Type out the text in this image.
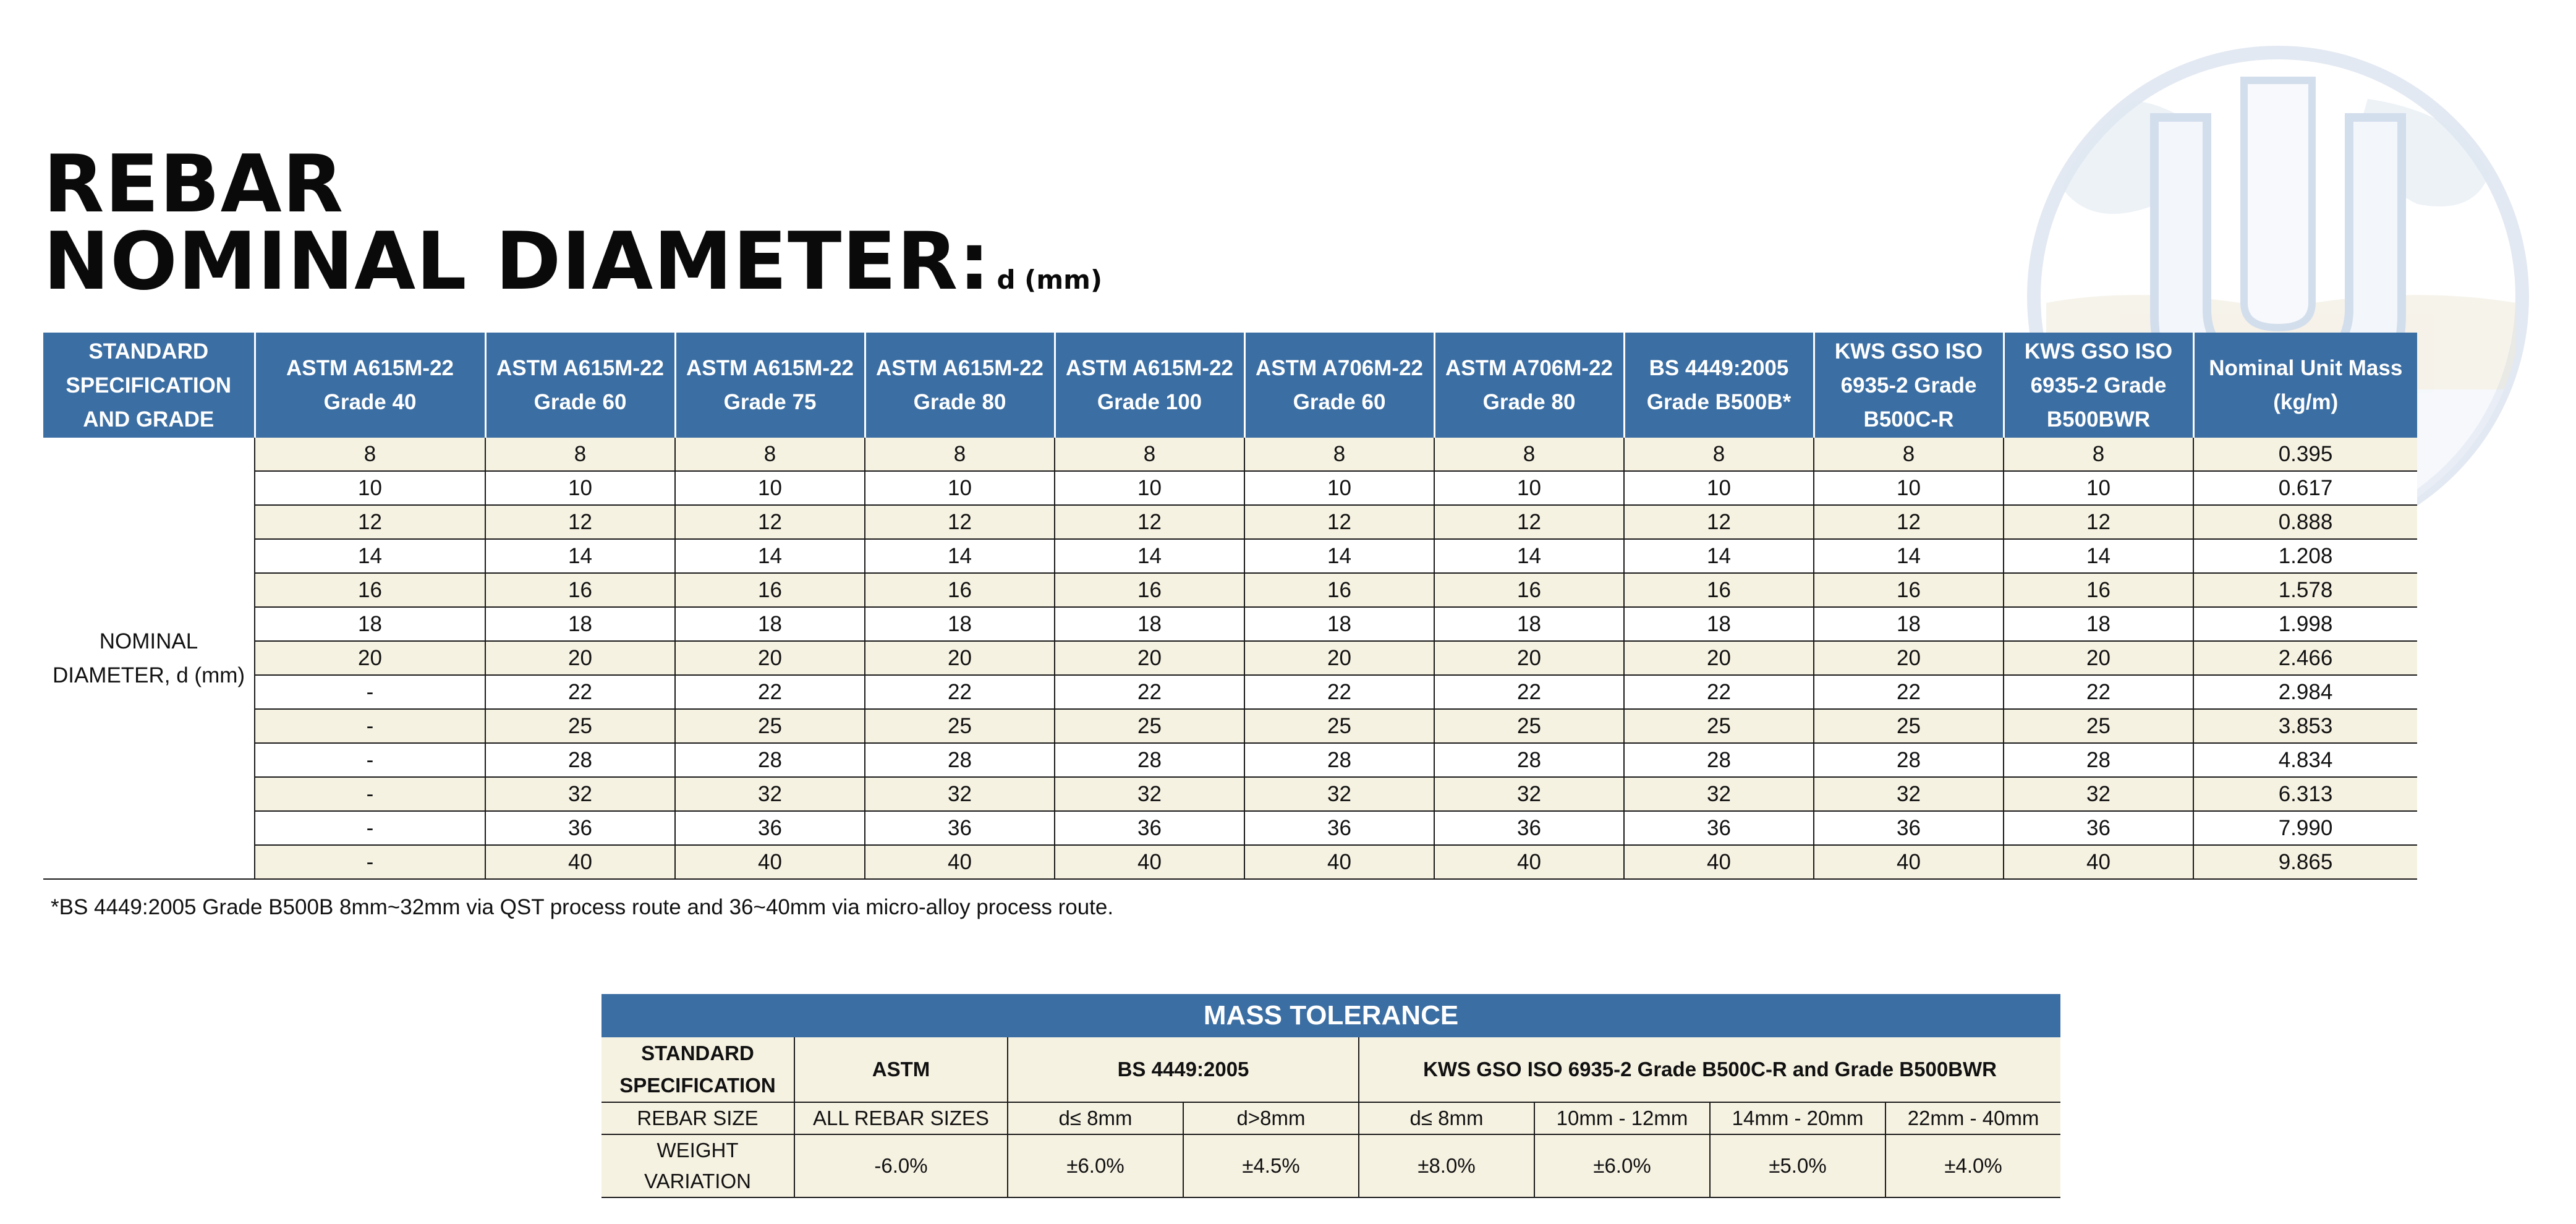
REBAR
NOMINAL DIAMETER: d (mm)
STANDARD SPECIFICATION AND GRADE	ASTM A615M-22 Grade 40	ASTM A615M-22 Grade 60	ASTM A615M-22 Grade 75	ASTM A615M-22 Grade 80	ASTM A615M-22 Grade 100	ASTM A706M-22 Grade 60	ASTM A706M-22 Grade 80	BS 4449:2005 Grade B500B*	KWS GSO ISO 6935-2 Grade B500C-R	KWS GSO ISO 6935-2 Grade B500BWR	Nominal Unit Mass (kg/m)
NOMINAL DIAMETER, d (mm)	8	8	8	8	8	8	8	8	8	8	0.395
	10	10	10	10	10	10	10	10	10	10	0.617
	12	12	12	12	12	12	12	12	12	12	0.888
	14	14	14	14	14	14	14	14	14	14	1.208
	16	16	16	16	16	16	16	16	16	16	1.578
	18	18	18	18	18	18	18	18	18	18	1.998
	20	20	20	20	20	20	20	20	20	20	2.466
	-	22	22	22	22	22	22	22	22	22	2.984
	-	25	25	25	25	25	25	25	25	25	3.853
	-	28	28	28	28	28	28	28	28	28	4.834
	-	32	32	32	32	32	32	32	32	32	6.313
	-	36	36	36	36	36	36	36	36	36	7.990
	-	40	40	40	40	40	40	40	40	40	9.865

*BS 4449:2005 Grade B500B 8mm~32mm via QST process route and 36~40mm via micro-alloy process route.

MASS TOLERANCE							
STANDARD SPECIFICATION	ASTM	BS 4449:2005		KWS GSO ISO 6935-2 Grade B500C-R and Grade B500BWR			
REBAR SIZE	ALL REBAR SIZES	d≤ 8mm	d>8mm	d≤ 8mm	10mm - 12mm	14mm - 20mm	22mm - 40mm
WEIGHT VARIATION	-6.0%	±6.0%	±4.5%	±8.0%	±6.0%	±5.0%	±4.0%
